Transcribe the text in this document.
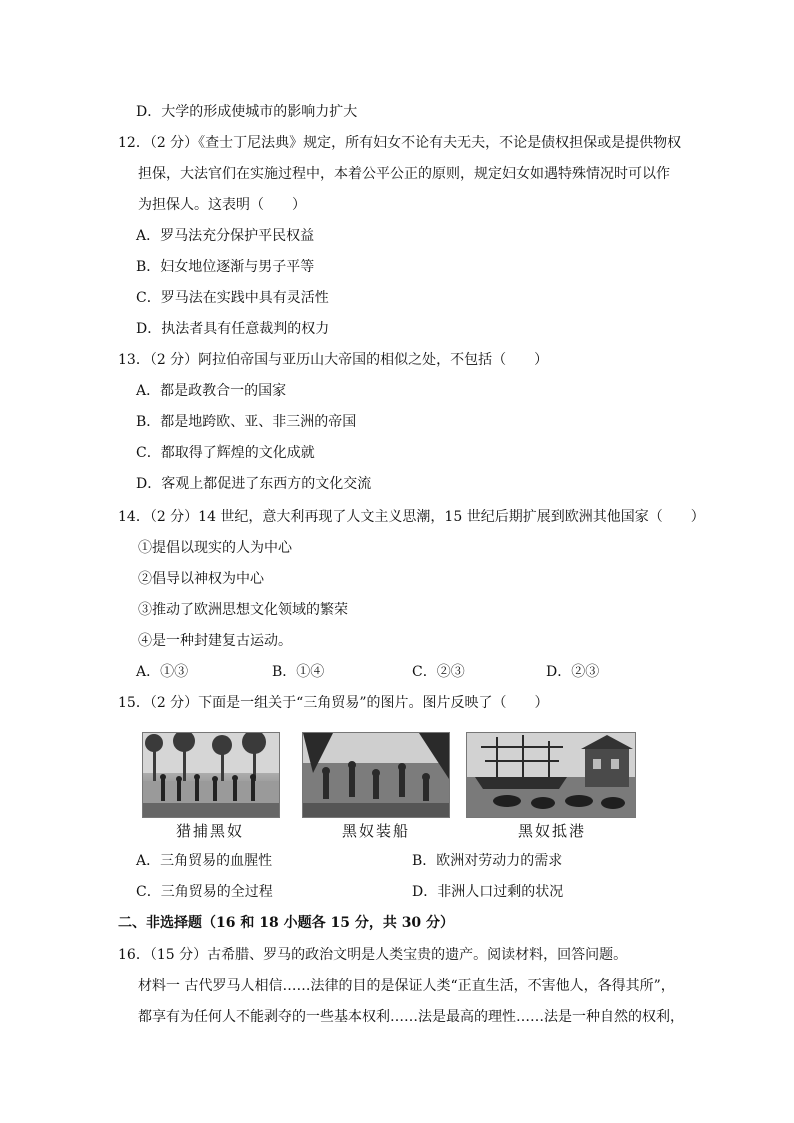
D．大学的形成使城市的影响力扩大
12．（2 分）《查士丁尼法典》规定，所有妇女不论有夫无夫，不论是债权担保或是提供物权
担保，大法官们在实施过程中，本着公平公正的原则，规定妇女如遇特殊情况时可以作
为担保人。这表明（　　）
A．罗马法充分保护平民权益
B．妇女地位逐渐与男子平等
C．罗马法在实践中具有灵活性
D．执法者具有任意裁判的权力
13．（2 分）阿拉伯帝国与亚历山大帝国的相似之处，不包括（　　）
A．都是政教合一的国家
B．都是地跨欧、亚、非三洲的帝国
C．都取得了辉煌的文化成就
D．客观上都促进了东西方的文化交流
14．（2 分）14 世纪，意大利再现了人文主义思潮，15 世纪后期扩展到欧洲其他国家（　　）
①提倡以现实的人为中心
②倡导以神权为中心
③推动了欧洲思想文化领域的繁荣
④是一种封建复古运动。
A．①③	B．①④	C．②③	D．②③
15．（2 分）下面是一组关于“三角贸易”的图片。图片反映了（　　）
猎捕黑奴	黑奴装船	黑奴抵港
A．三角贸易的血腥性	B．欧洲对劳动力的需求
C．三角贸易的全过程	D．非洲人口过剩的状况
二、非选择题（16 和 18 小题各 15 分，共 30 分）
16．（15 分）古希腊、罗马的政治文明是人类宝贵的遗产。阅读材料，回答问题。
材料一 古代罗马人相信……法律的目的是保证人类“正直生活，不害他人，各得其所”，
都享有为任何人不能剥夺的一些基本权利……法是最高的理性……法是一种自然的权利，
